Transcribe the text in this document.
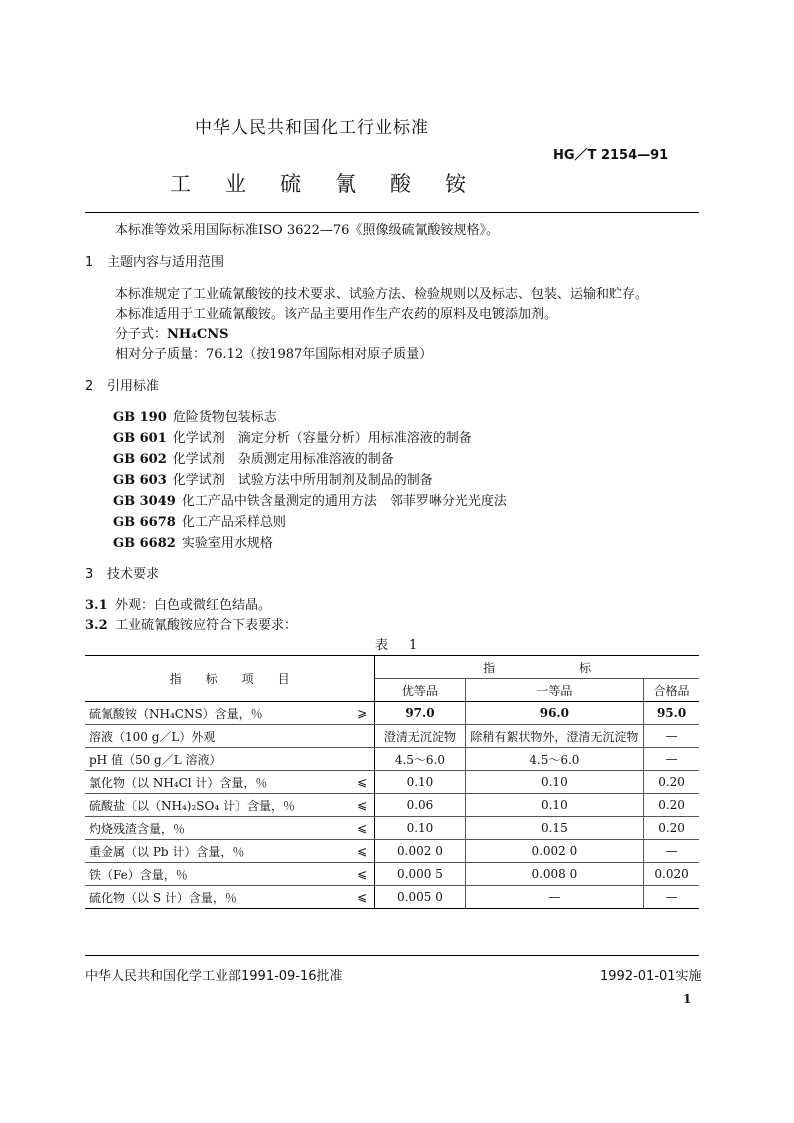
中华人民共和国化工行业标准
HG／T 2154—91
工 业 硫 氰 酸 铵
本标准等效采用国际标准ISO 3622—76《照像级硫氰酸铵规格》。
1 主题内容与适用范围
本标准规定了工业硫氰酸铵的技术要求、试验方法、检验规则以及标志、包装、运输和贮存。
本标准适用于工业硫氰酸铵。该产品主要用作生产农药的原料及电镀添加剂。
分子式：NH₄CNS
相对分子质量：76.12（按1987年国际相对原子质量）
2 引用标准
GB 190 危险货物包装标志
GB 601 化学试剂　滴定分析（容量分析）用标准溶液的制备
GB 602 化学试剂　杂质测定用标准溶液的制备
GB 603 化学试剂　试验方法中所用制剂及制品的制备
GB 3049 化工产品中铁含量测定的通用方法　邻菲罗啉分光光度法
GB 6678 化工产品采样总则
GB 6682 实验室用水规格
3 技术要求
3.1 外观：白色或微红色结晶。
3.2 工业硫氰酸铵应符合下表要求：
表　1
指　　标　　项　　目		指　　　　　　　标		
		优等品	一等品	合格品
硫氰酸铵（NH₄CNS）含量，％	⩾	97.0	96.0	95.0
溶液（100 g／L）外观		澄清无沉淀物	除稍有絮状物外，澄清无沉淀物	—
pH 值（50 g／L 溶液）		4.5～6.0	4.5～6.0	—
氯化物（以 NH₄Cl 计）含量，％	⩽	0.10	0.10	0.20
硫酸盐〔以（NH₄)₂SO₄ 计〕含量，％	⩽	0.06	0.10	0.20
灼烧残渣含量，％	⩽	0.10	0.15	0.20
重金属（以 Pb 计）含量，％	⩽	0.002 0	0.002 0	—
铁（Fe）含量，％	⩽	0.000 5	0.008 0	0.020
硫化物（以 S 计）含量，％	⩽	0.005 0	—	—
中华人民共和国化学工业部1991-09-16批准	1992-01-01实施
1
